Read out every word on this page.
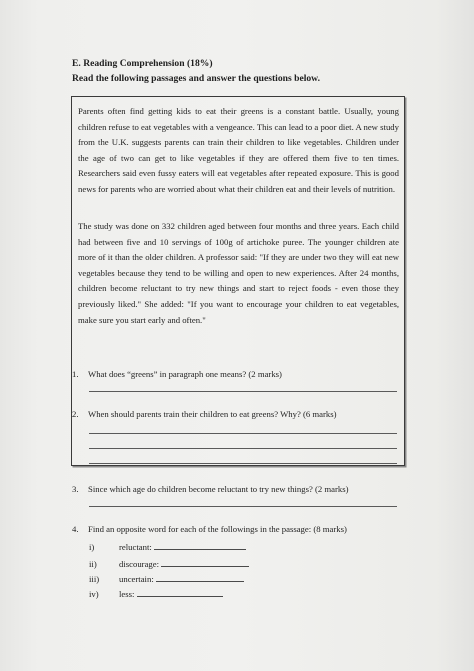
E. Reading Comprehension (18%)
Read the following passages and answer the questions below.

Parents often find getting kids to eat their greens is a constant battle. Usually, young children refuse to eat vegetables with a vengeance. This can lead to a poor diet. A new study from the U.K. suggests parents can train their children to like vegetables. Children under the age of two can get to like vegetables if they are offered them five to ten times. Researchers said even fussy eaters will eat vegetables after repeated exposure. This is good news for parents who are worried about what their children eat and their levels of nutrition.

The study was done on 332 children aged between four months and three years. Each child had between five and 10 servings of 100g of artichoke puree. The younger children ate more of it than the older children. A professor said: "If they are under two they will eat new vegetables because they tend to be willing and open to new experiences. After 24 months, children become reluctant to try new things and start to reject foods - even those they previously liked." She added: "If you want to encourage your children to eat vegetables, make sure you start early and often."

1. What does “greens” in paragraph one means? (2 marks)
2. When should parents train their children to eat greens? Why? (6 marks)
3. Since which age do children become reluctant to try new things? (2 marks)
4. Find an opposite word for each of the followings in the passage: (8 marks)
i)	reluctant:
ii)	discourage:
iii) uncertain:
iv) less:
